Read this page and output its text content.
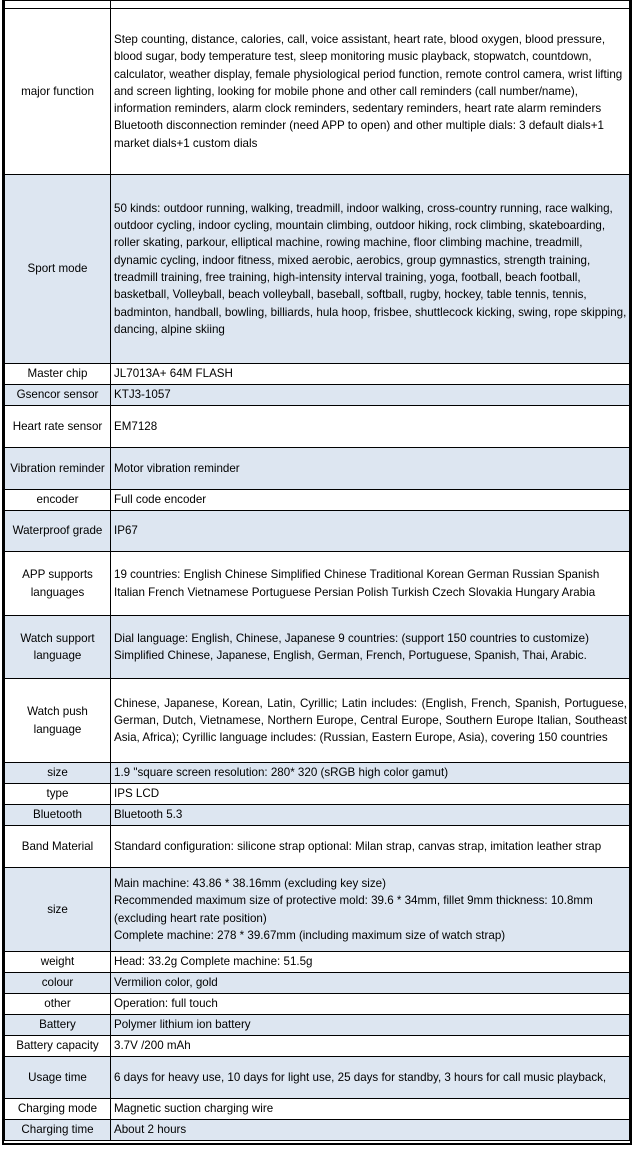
major function	Step counting, distance, calories, call, voice assistant, heart rate, blood oxygen, blood pressure, blood sugar, body temperature test, sleep monitoring music playback, stopwatch, countdown, calculator, weather display, female physiological period function, remote control camera, wrist lifting and screen lighting, looking for mobile phone and other call reminders (call number/name), information reminders, alarm clock reminders, sedentary reminders, heart rate alarm reminders Bluetooth disconnection reminder (need APP to open) and other multiple dials: 3 default dials+1 market dials+1 custom dials
Sport mode	50 kinds: outdoor running, walking, treadmill, indoor walking, cross-country running, race walking, outdoor cycling, indoor cycling, mountain climbing, outdoor hiking, rock climbing, skateboarding, roller skating, parkour, elliptical machine, rowing machine, floor climbing machine, treadmill, dynamic cycling, indoor fitness, mixed aerobic, aerobics, group gymnastics, strength training, treadmill training, free training, high-intensity interval training, yoga, football, beach football, basketball, Volleyball, beach volleyball, baseball, softball, rugby, hockey, table tennis, tennis, badminton, handball, bowling, billiards, hula hoop, frisbee, shuttlecock kicking, swing, rope skipping, dancing, alpine skiing
Master chip	JL7013A+ 64M FLASH
Gsencor sensor	KTJ3-1057
Heart rate sensor	EM7128
Vibration reminder	Motor vibration reminder
encoder	Full code encoder
Waterproof grade	IP67
APP supports languages	19 countries: English Chinese Simplified Chinese Traditional Korean German Russian Spanish Italian French Vietnamese Portuguese Persian Polish Turkish Czech Slovakia Hungary Arabia
Watch support language	Dial language: English, Chinese, Japanese 9 countries: (support 150 countries to customize) Simplified Chinese, Japanese, English, German, French, Portuguese, Spanish, Thai, Arabic.
Watch push language	Chinese, Japanese, Korean, Latin, Cyrillic; Latin includes: (English, French, Spanish, Portuguese, German, Dutch, Vietnamese, Northern Europe, Central Europe, Southern Europe Italian, Southeast Asia, Africa); Cyrillic language includes: (Russian, Eastern Europe, Asia), covering 150 countries
size	1.9 "square screen resolution: 280* 320 (sRGB high color gamut)
type	IPS LCD
Bluetooth	Bluetooth 5.3
Band Material	Standard configuration: silicone strap optional: Milan strap, canvas strap, imitation leather strap
size	Main machine: 43.86 * 38.16mm (excluding key size)
Recommended maximum size of protective mold: 39.6 * 34mm, fillet 9mm thickness: 10.8mm (excluding heart rate position)
Complete machine: 278 * 39.67mm (including maximum size of watch strap)

weight	Head: 33.2g Complete machine: 51.5g
colour	Vermilion color, gold
other	Operation: full touch
Battery	Polymer lithium ion battery
Battery capacity	3.7V /200 mAh
Usage time	6 days for heavy use, 10 days for light use, 25 days for standby, 3 hours for call music playback,
Charging mode	Magnetic suction charging wire
Charging time	About 2 hours
